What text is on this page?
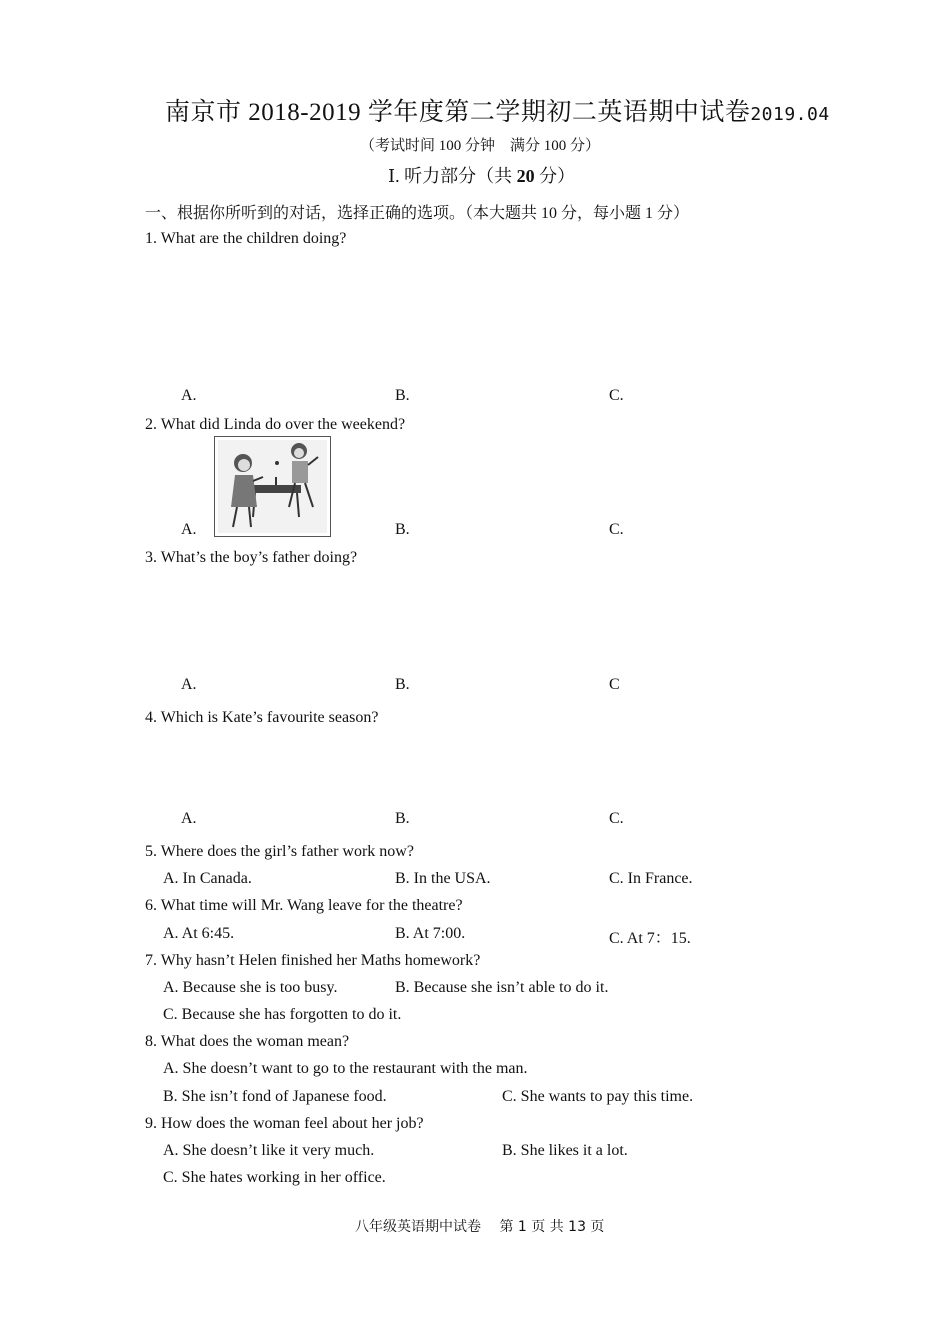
南京市 2018-2019 学年度第二学期初二英语期中试卷2019.04
（考试时间 100 分钟　满分 100 分）
Ⅰ. 听力部分（共 20 分）
一、根据你所听到的对话，选择正确的选项。（本大题共 10 分，每小题 1 分）
1. What are the children doing?
A.	B.	C.
2. What did Linda do over the weekend?
A.	B.	C.
3. What’s the boy’s father doing?
A.	B.	C
4. Which is Kate’s favourite season?
A.	B.	C.
5. Where does the girl’s father work now?
A. In Canada.	B. In the USA.	C. In France.
6. What time will Mr. Wang leave for the theatre?
A. At 6:45.	B. At 7:00.	C. At 7：15.
7. Why hasn’t Helen finished her Maths homework?
A. Because she is too busy.	B. Because she isn’t able to do it.
C. Because she has forgotten to do it.
8. What does the woman mean?
A. She doesn’t want to go to the restaurant with the man.
B. She isn’t fond of Japanese food.	C. She wants to pay this time.
9. How does the woman feel about her job?
A. She doesn’t like it very much.	B. She likes it a lot.
C. She hates working in her office.
八年级英语期中试卷　 第 1 页 共 13 页
